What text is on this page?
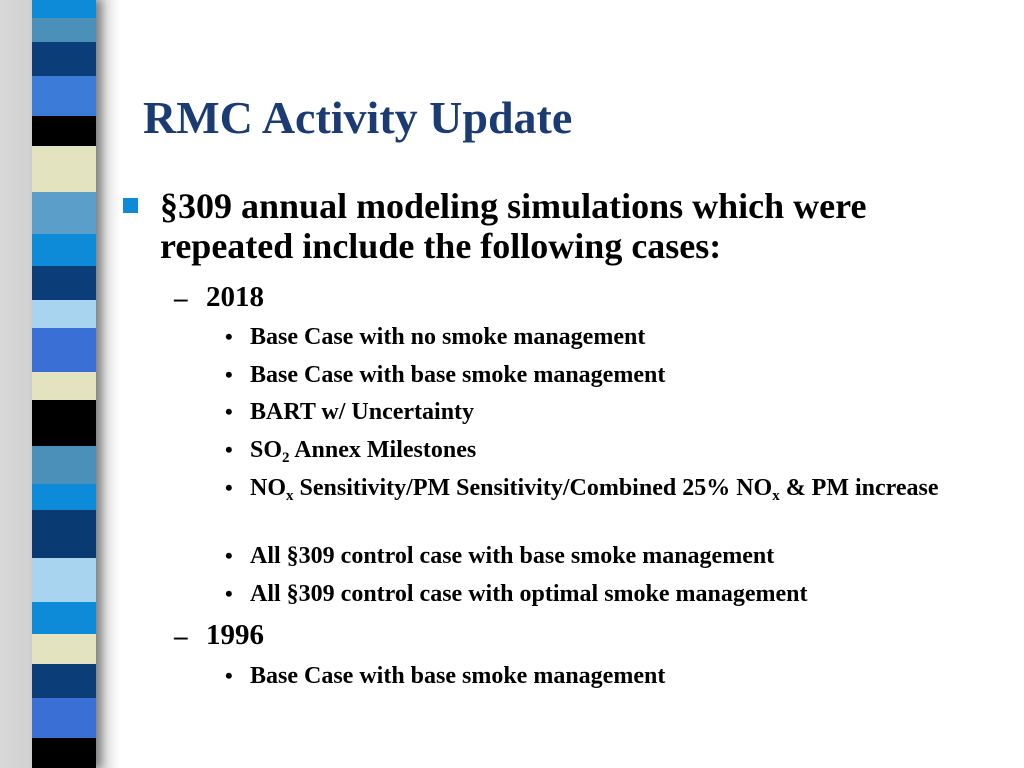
RMC Activity Update
§309 annual modeling simulations which were repeated include the following cases:
– 2018
• Base Case with no smoke management
• Base Case with base smoke management
• BART w/ Uncertainty
• $SO_2$ Annex Milestones
• $NO_x$ Sensitivity/PM Sensitivity/Combined 25% $NO_x$ & PM increase
• All §309 control case with base smoke management
• All §309 control case with optimal smoke management
– 1996
• Base Case with base smoke management
